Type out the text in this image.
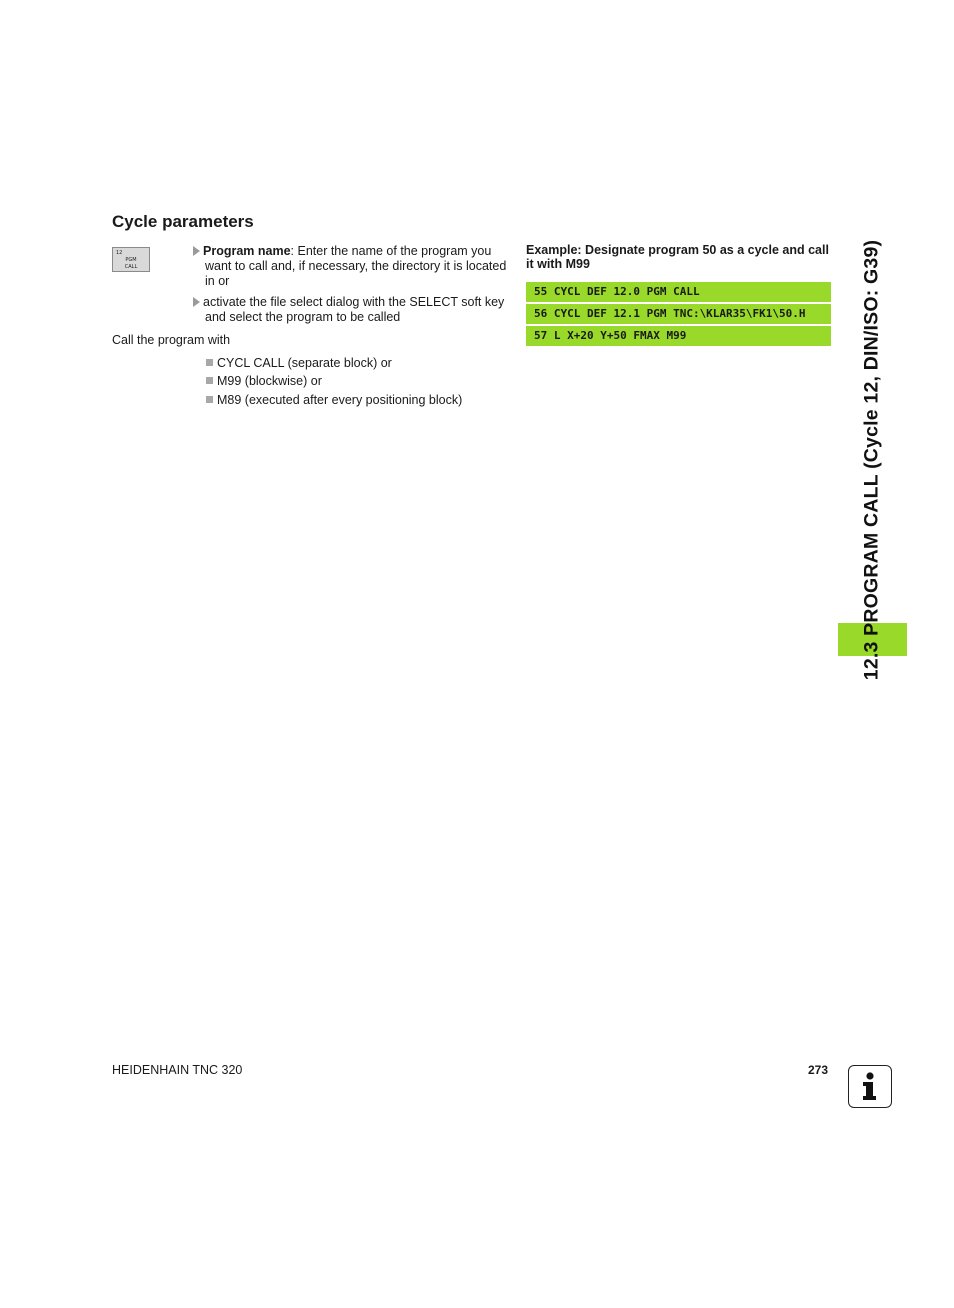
Cycle parameters
12
PGM
CALL
Program name: Enter the name of the program you
want to call and, if necessary, the directory it is located in or
activate the file select dialog with the SELECT soft key
and select the program to be called
Call the program with
CYCL CALL (separate block) or
M99 (blockwise) or
M89 (executed after every positioning block)
Example: Designate program 50 as a cycle and call it with M99
55 CYCL DEF 12.0 PGM CALL
56 CYCL DEF 12.1 PGM TNC:\KLAR35\FK1\50.H
57 L X+20 Y+50 FMAX M99	12.3 PROGRAM CALL (Cycle 12, DIN/ISO: G39)
HEIDENHAIN TNC 320	273
